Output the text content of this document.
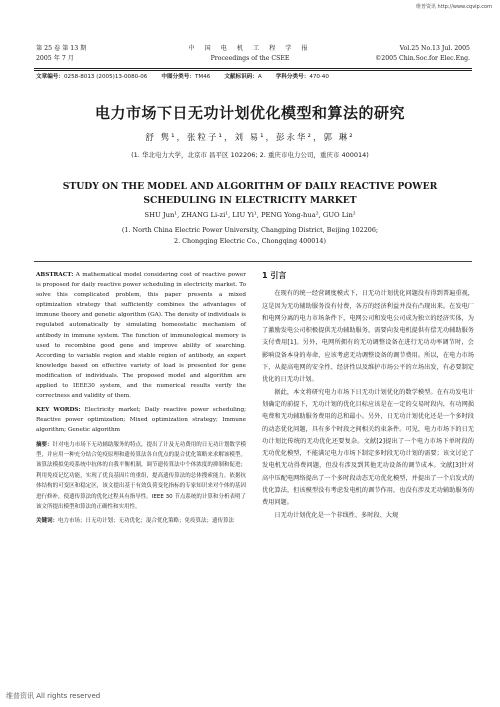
维普资讯 http://www.cqvip.com
第 25 卷 第 13 期
2005 年 7 月
中 国 电 机 工 程 学 报
Proceedings of the CSEE
Vol.25 No.13 Jul. 2005
©2005 Chin.Soc.for Elec.Eng.
文章编号：0258-8013 (2005)13-0080-06	中图分类号：TM46	文献标识码：A	学科分类号：470·40
电力市场下日无功计划优化模型和算法的研究
舒 隽¹，张粒子¹，刘 易¹，彭永华²，郭 琳²
(1. 华北电力大学，北京市 昌平区 102206; 2. 重庆市电力公司，重庆市 400014)
STUDY ON THE MODEL AND ALGORITHM OF DAILY REACTIVE POWER
SCHEDULING IN ELECTRICITY MARKET
SHU Jun¹, ZHANG Li-zi¹, LIU Yi¹, PENG Yong-hua², GUO Lin²
(1. North China Electric Power University, Changping District, Beijing 102206;
2. Chongqing Electric Co., Chongqing 400014)

ABSTRACT: A mathematical model considering cost of reactive power is proposed for daily reactive power scheduling in electricity market. To solve this complicated problem, this paper presents a mixed optimization strategy that sufficiently combines the advantages of immune theory and genetic algorithm (GA). The density of individuals is regulated automatically by simulating homeostatic mechanism of antibody in immune system. The function of immunological memory is used to recombine good gene and improve ability of searching. According to variable region and stable region of antibody, an expert knowledge based on effective variety of load is presented for gene modification of individuals. The proposed model and algorithm are applied to IEEE30 system, and the numerical results verify the correctness and validity of them.

KEY WORDS: Electricity market; Daily reactive power scheduling; Reactive power optimization; Mixed optimization strategy; Immune algorithm; Genetic algorithm

摘要：针对电力市场下无功辅助服务的特点，提出了计及无功费用的日无功计划数学模型，并应用一种充分结合免疫原理和遗传算法各自优点的混合优化策略来求解该模型。该算法模拟免疫系统中抗体的自我平衡机制，调节遗传算法中个体浓度的抑制和促进；利用免疫记忆功能，实现了优良基因片的重组，提高遗传算法的总体搜索能力。依据抗体结构的可变区和稳定区，该文提出基于有效负荷变化指标的专家知识来对个体的基因进行修补，使遗传算法的优化过程具有指导性。IEEE 30 节点系统的计算和分析表明了该文所提出模型和算法的正确性和实用性。

关键词：电力市场；日无功计划；无功优化；混合优化策略；免疫算法；遗传算法

1 引言

在现有的统一经营调度模式下，日无功计划优化问题没有得到普遍重视，这是因为无功辅助服务没有付费，各方的经济利益并没有凸现出来。在发电厂和电网分离的电力市场条件下，电网公司和发电公司成为独立的经济实体，为了激励发电公司积极提供无功辅助服务，需要向发电机提供有偿无功辅助服务支付费用[1]。另外，电网所拥有的无功调整设备在进行无功功率调节时，会影响设备本身的寿命，应该考虑无功调整设备的调节费用。所以，在电力市场下，从提高电网的安全性、经济性以及维护市场公平的立场出发，有必要制定优化的日无功计划。

据此，本文将研究电力市场下日无功计划优化的数学模型。在有功发电计划确定的前提下，无功计划的优化目标应该是在一定的交易时段内，有功网损电费和无功辅助服务费用的总和最小。另外，日无功计划优化还是一个多时段的动态优化问题，具有多个时段之间相关约束条件。可见，电力市场下的日无功计划比传统的无功优化还要复杂。文献[2]提出了一个电力市场下单时段的无功优化模型，不能满足电力市场下制定多时段无功计划的需要；该文讨论了发电机无功得费问题，但没有涉及到其他无功设备的调节成本。文献[3]针对高中压配电网络提出了一个多时段动态无功优化模型，并提出了一个启发式的优化算法，但该模型没有考虑发电机的调节作用，也没有涉及无功辅助服务的费用问题。

日无功计划优化是一个非线性、多时段、大规

维普资讯 All rights reserved
